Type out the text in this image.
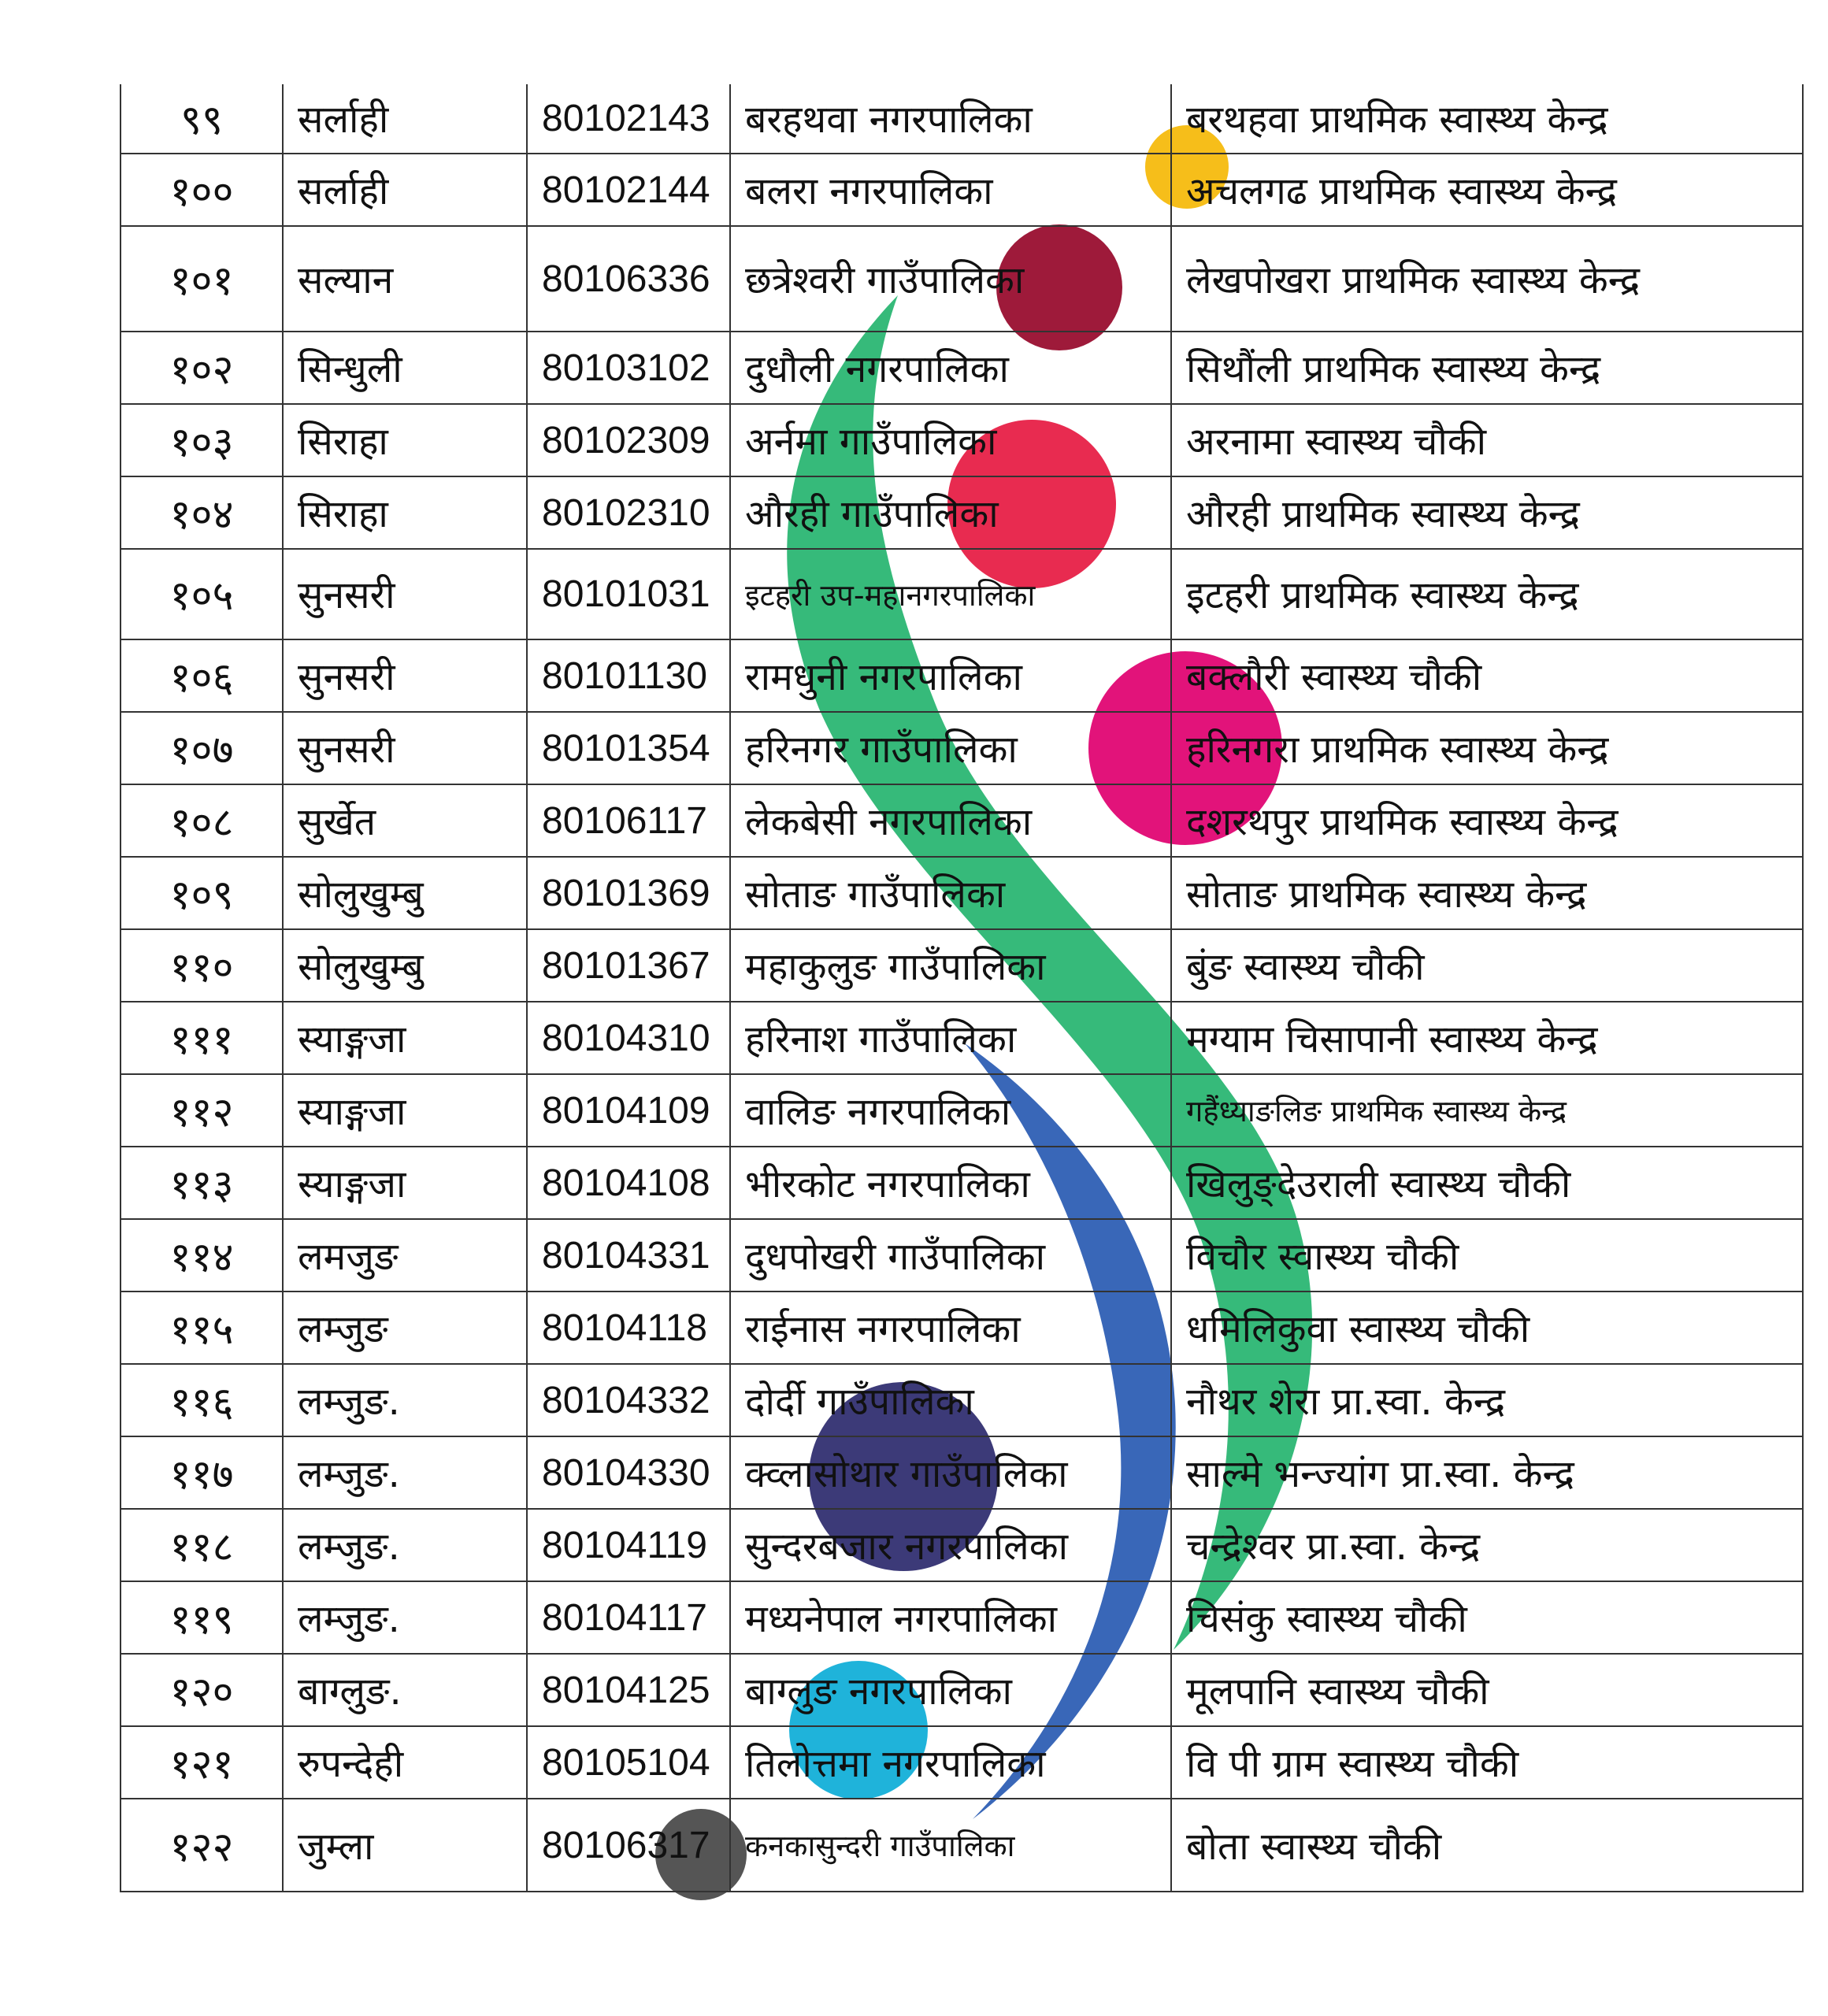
९९	सर्लाही	80102143	बरहथवा नगरपालिका	बरथहवा प्राथमिक स्वास्थ्य केन्द्र
१००	सर्लाही	80102144	बलरा नगरपालिका	अचलगढ प्राथमिक स्वास्थ्य केन्द्र
१०१	सल्यान	80106336	छत्रेश्वरी गाउँपालिका	लेखपोखरा प्राथमिक स्वास्थ्य केन्द्र
१०२	सिन्धुली	80103102	दुधौली नगरपालिका	सिथौंली प्राथमिक स्वास्थ्य केन्द्र
१०३	सिराहा	80102309	अर्नमा गाउँपालिका	अरनामा स्वास्थ्य चौकी
१०४	सिराहा	80102310	औरही गाउँपालिका	औरही प्राथमिक स्वास्थ्य केन्द्र
१०५	सुनसरी	80101031	इटहरी उप-महानगरपालिका	इटहरी प्राथमिक स्वास्थ्य केन्द्र
१०६	सुनसरी	80101130	रामधुनी नगरपालिका	बक्लौरी स्वास्थ्य चौकी
१०७	सुनसरी	80101354	हरिनगर गाउँपालिका	हरिनगरा प्राथमिक स्वास्थ्य केन्द्र
१०८	सुर्खेत	80106117	लेकबेसी नगरपालिका	दशरथपुर प्राथमिक स्वास्थ्य केन्द्र
१०९	सोलुखुम्बु	80101369	सोताङ गाउँपालिका	सोताङ प्राथमिक स्वास्थ्य केन्द्र
११०	सोलुखुम्बु	80101367	महाकुलुङ गाउँपालिका	बुंङ स्वास्थ्य चौकी
१११	स्याङ्गजा	80104310	हरिनाश गाउँपालिका	मग्याम चिसापानी स्वास्थ्य केन्द्र
११२	स्याङ्गजा	80104109	वालिङ नगरपालिका	गहैंध्याङलिङ प्राथमिक स्वास्थ्य केन्द्र
११३	स्याङ्गजा	80104108	भीरकोट नगरपालिका	खिलुङ्देउराली स्वास्थ्य चौकी
११४	लमजुङ	80104331	दुधपोखरी गाउँपालिका	विचौर स्वास्थ्य चौकी
११५	लम्जुङ	80104118	राईनास नगरपालिका	धमिलिकुवा स्वास्थ्य चौकी
११६	लम्जुङ.	80104332	दोर्दी गाउँपालिका	नौथर शेरा प्रा.स्वा. केन्द्र
११७	लम्जुङ.	80104330	क्व्लासोथार गाउँपालिका	साल्मे भन्ज्यांग प्रा.स्वा. केन्द्र
११८	लम्जुङ.	80104119	सुन्दरबजार नगरपालिका	चन्द्रेश्वर प्रा.स्वा. केन्द्र
११९	लम्जुङ.	80104117	मध्यनेपाल नगरपालिका	चिसंकु स्वास्थ्य चौकी
१२०	बाग्लुङ.	80104125	बाग्लुङ नगरपालिका	मूलपानि स्वास्थ्य चौकी
१२१	रुपन्देही	80105104	तिलोत्तमा नगरपालिका	वि पी ग्राम स्वास्थ्य चौकी
१२२	जुम्ला	80106317	कनकासुन्दरी गाउँपालिका	बोता स्वास्थ्य चौकी
